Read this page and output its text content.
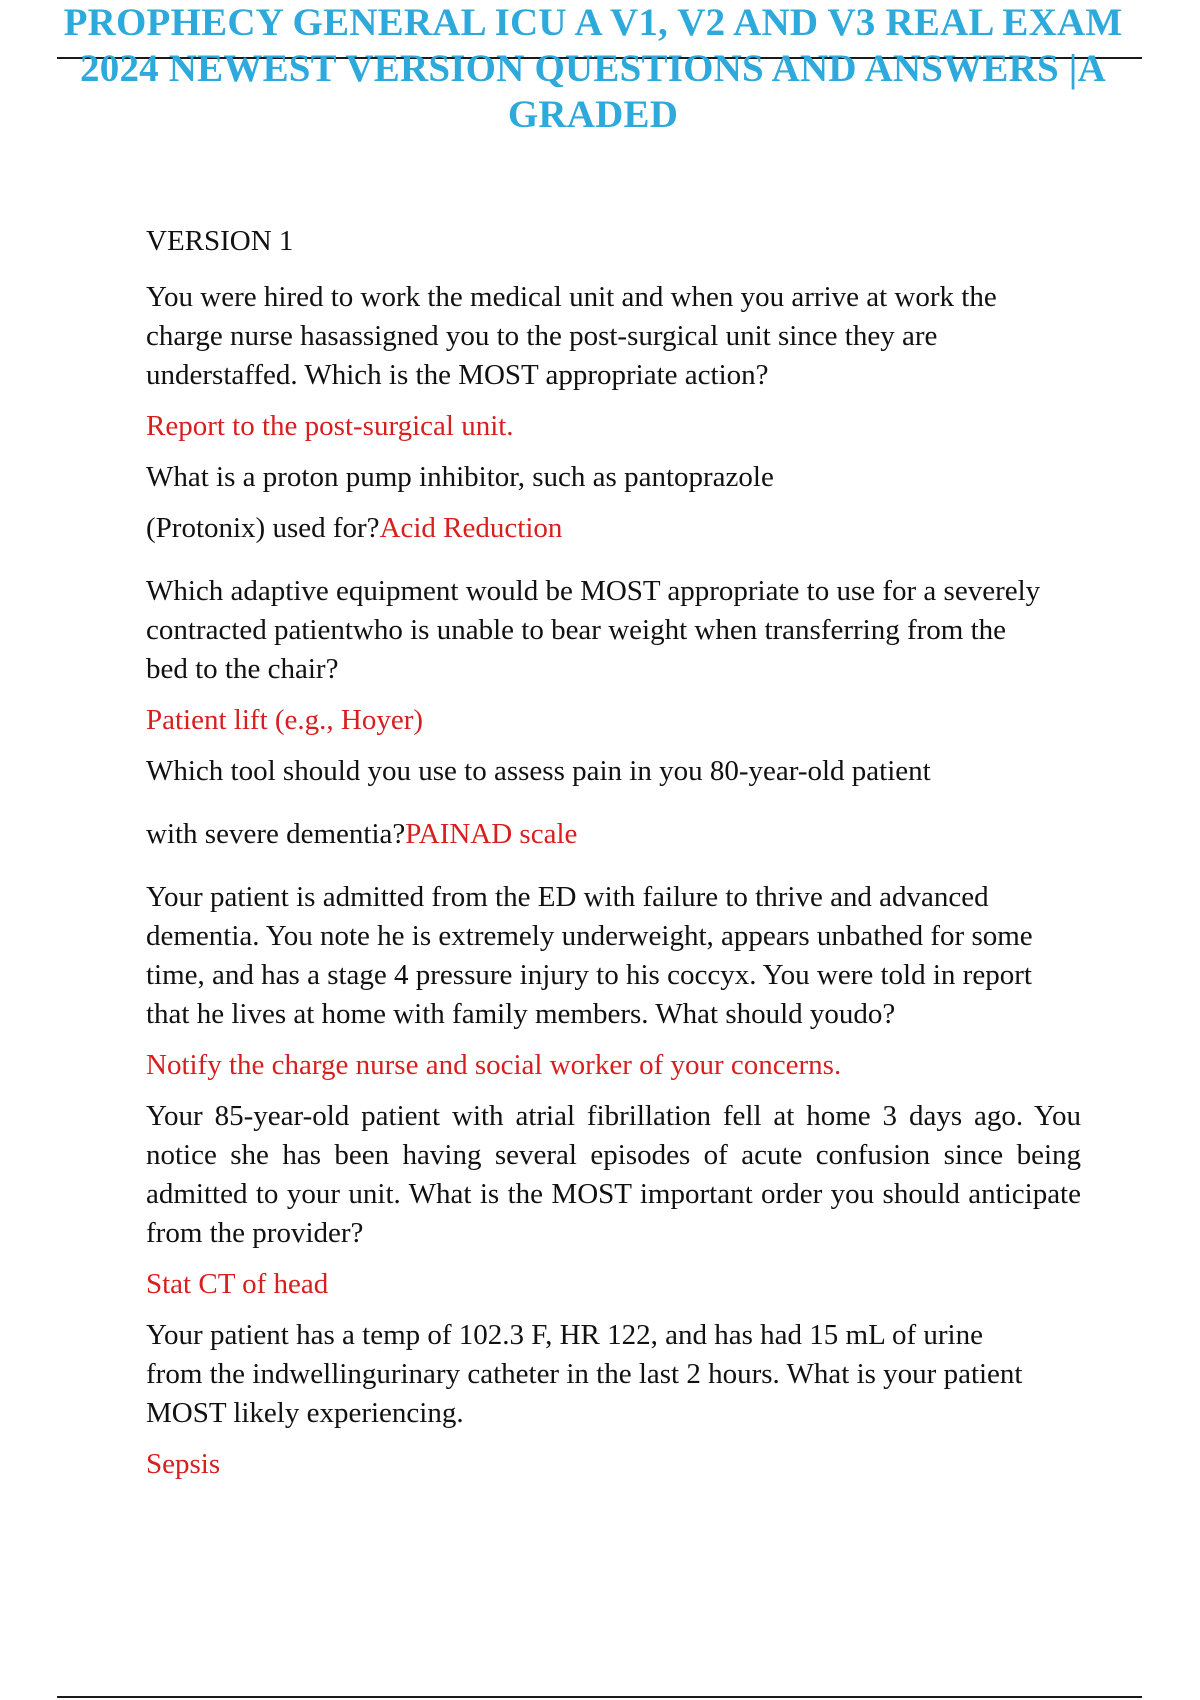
PROPHECY GENERAL ICU A V1, V2 AND V3 REAL EXAM 2024 NEWEST VERSION QUESTIONS AND ANSWERS |A GRADED

VERSION 1

You were hired to work the medical unit and when you arrive at work the charge nurse hasassigned you to the post-surgical unit since they are understaffed. Which is the MOST appropriate action?

Report to the post-surgical unit.

What is a proton pump inhibitor, such as pantoprazole

(Protonix) used for?Acid Reduction

Which adaptive equipment would be MOST appropriate to use for a severely contracted patientwho is unable to bear weight when transferring from the bed to the chair?

Patient lift (e.g., Hoyer)

Which tool should you use to assess pain in you 80-year-old patient

with severe dementia?PAINAD scale

Your patient is admitted from the ED with failure to thrive and advanced dementia. You note he is extremely underweight, appears unbathed for some time, and has a stage 4 pressure injury to his coccyx. You were told in report that he lives at home with family members. What should youdo?

Notify the charge nurse and social worker of your concerns.

Your 85-year-old patient with atrial fibrillation fell at home 3 days ago. You notice she has been having several episodes of acute confusion since being admitted to your unit. What is the MOST important order you should anticipate from the provider?

Stat CT of head

Your patient has a temp of 102.3 F, HR 122, and has had 15 mL of urine from the indwellingurinary catheter in the last 2 hours. What is your patient MOST likely experiencing.

Sepsis
